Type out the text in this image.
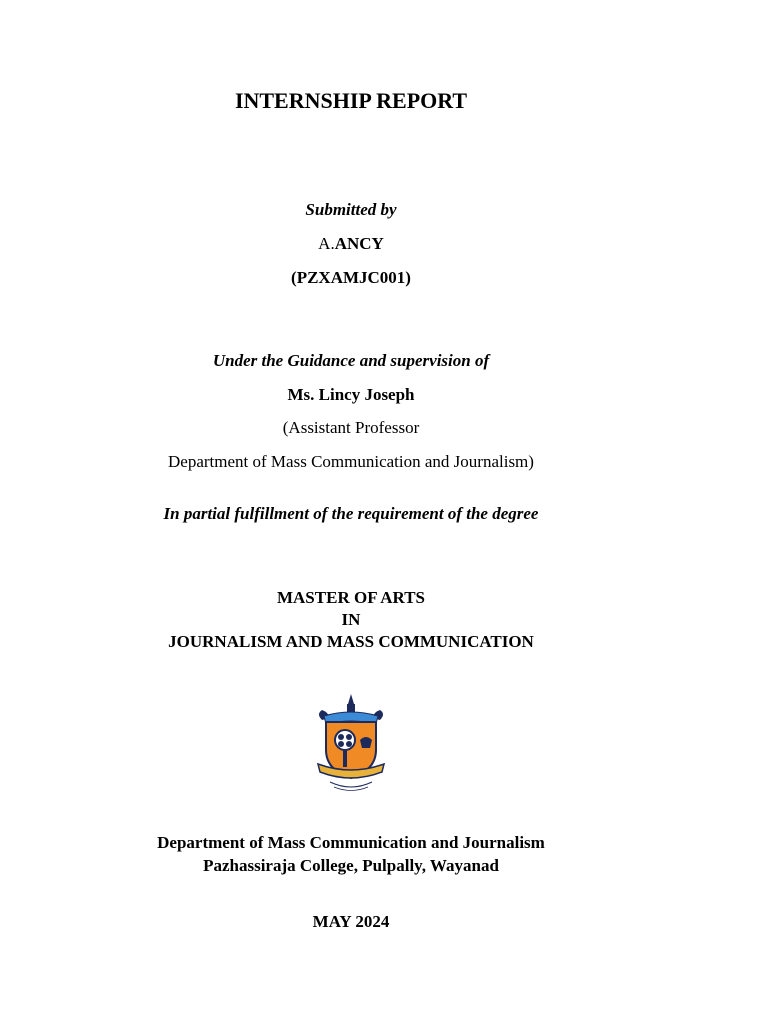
INTERNSHIP REPORT
Submitted by
A.ANCY
(PZXAMJC001)
Under the Guidance and supervision of
Ms. Lincy Joseph
(Assistant Professor
Department of Mass Communication and Journalism)
In partial fulfillment of the requirement of the degree
MASTER OF ARTS
IN
JOURNALISM AND MASS COMMUNICATION
Department of Mass Communication and Journalism
Pazhassiraja College, Pulpally, Wayanad
MAY 2024
